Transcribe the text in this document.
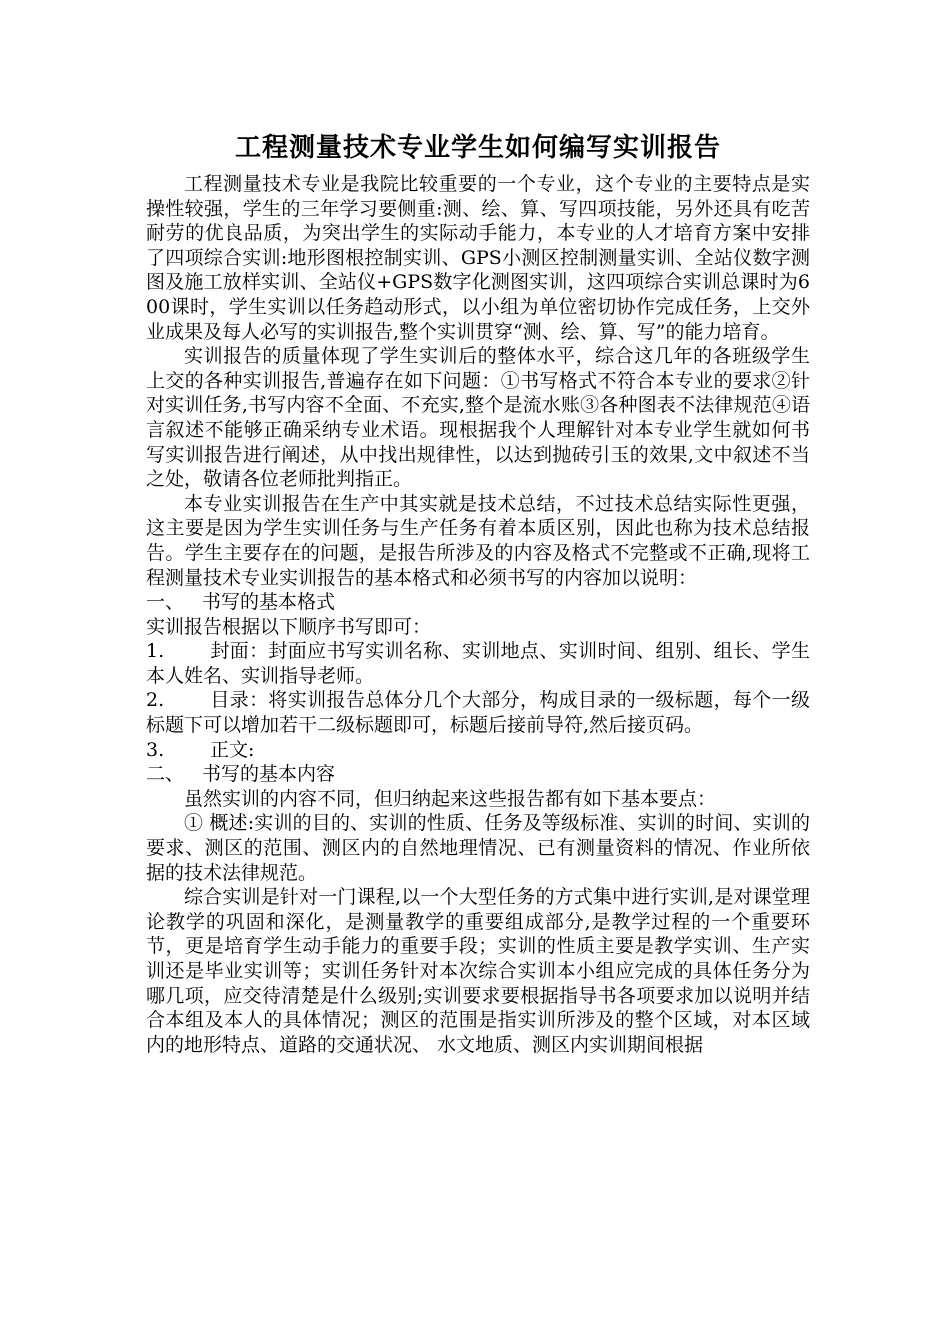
工程测量技术专业学生如何编写实训报告

工程测量技术专业是我院比较重要的一个专业，这个专业的主要特点是实操性较强，学生的三年学习要侧重:测、绘、算、写四项技能，另外还具有吃苦耐劳的优良品质，为突出学生的实际动手能力，本专业的人才培育方案中安排了四项综合实训:地形图根控制实训、GPS小测区控制测量实训、全站仪数字测图及施工放样实训、全站仪+GPS数字化测图实训，这四项综合实训总课时为600课时，学生实训以任务趋动形式，以小组为单位密切协作完成任务，上交外业成果及每人必写的实训报告,整个实训贯穿“测、绘、算、写”的能力培育。

实训报告的质量体现了学生实训后的整体水平，综合这几年的各班级学生上交的各种实训报告,普遍存在如下问题：①书写格式不符合本专业的要求②针对实训任务,书写内容不全面、不充实,整个是流水账③各种图表不法律规范④语言叙述不能够正确采纳专业术语。现根据我个人理解针对本专业学生就如何书写实训报告进行阐述，从中找出规律性，以达到抛砖引玉的效果,文中叙述不当之处，敬请各位老师批判指正。

本专业实训报告在生产中其实就是技术总结，不过技术总结实际性更强，这主要是因为学生实训任务与生产任务有着本质区别，因此也称为技术总结报告。学生主要存在的问题，是报告所涉及的内容及格式不完整或不正确,现将工程测量技术专业实训报告的基本格式和必须书写的内容加以说明：

一、 书写的基本格式

实训报告根据以下顺序书写即可：

1. 封面：封面应书写实训名称、实训地点、实训时间、组别、组长、学生本人姓名、实训指导老师。

2. 目录：将实训报告总体分几个大部分，构成目录的一级标题，每个一级标题下可以增加若干二级标题即可，标题后接前导符,然后接页码。

3. 正文:

二、 书写的基本内容

虽然实训的内容不同，但归纳起来这些报告都有如下基本要点：

① 概述:实训的目的、实训的性质、任务及等级标准、实训的时间、实训的要求、测区的范围、测区内的自然地理情况、已有测量资料的情况、作业所依据的技术法律规范。

综合实训是针对一门课程,以一个大型任务的方式集中进行实训,是对课堂理论教学的巩固和深化，是测量教学的重要组成部分,是教学过程的一个重要环节，更是培育学生动手能力的重要手段；实训的性质主要是教学实训、生产实训还是毕业实训等；实训任务针对本次综合实训本小组应完成的具体任务分为哪几项，应交待清楚是什么级别;实训要求要根据指导书各项要求加以说明并结合本组及本人的具体情况；测区的范围是指实训所涉及的整个区域，对本区域内的地形特点、道路的交通状况、 水文地质、测区内实训期间根据
